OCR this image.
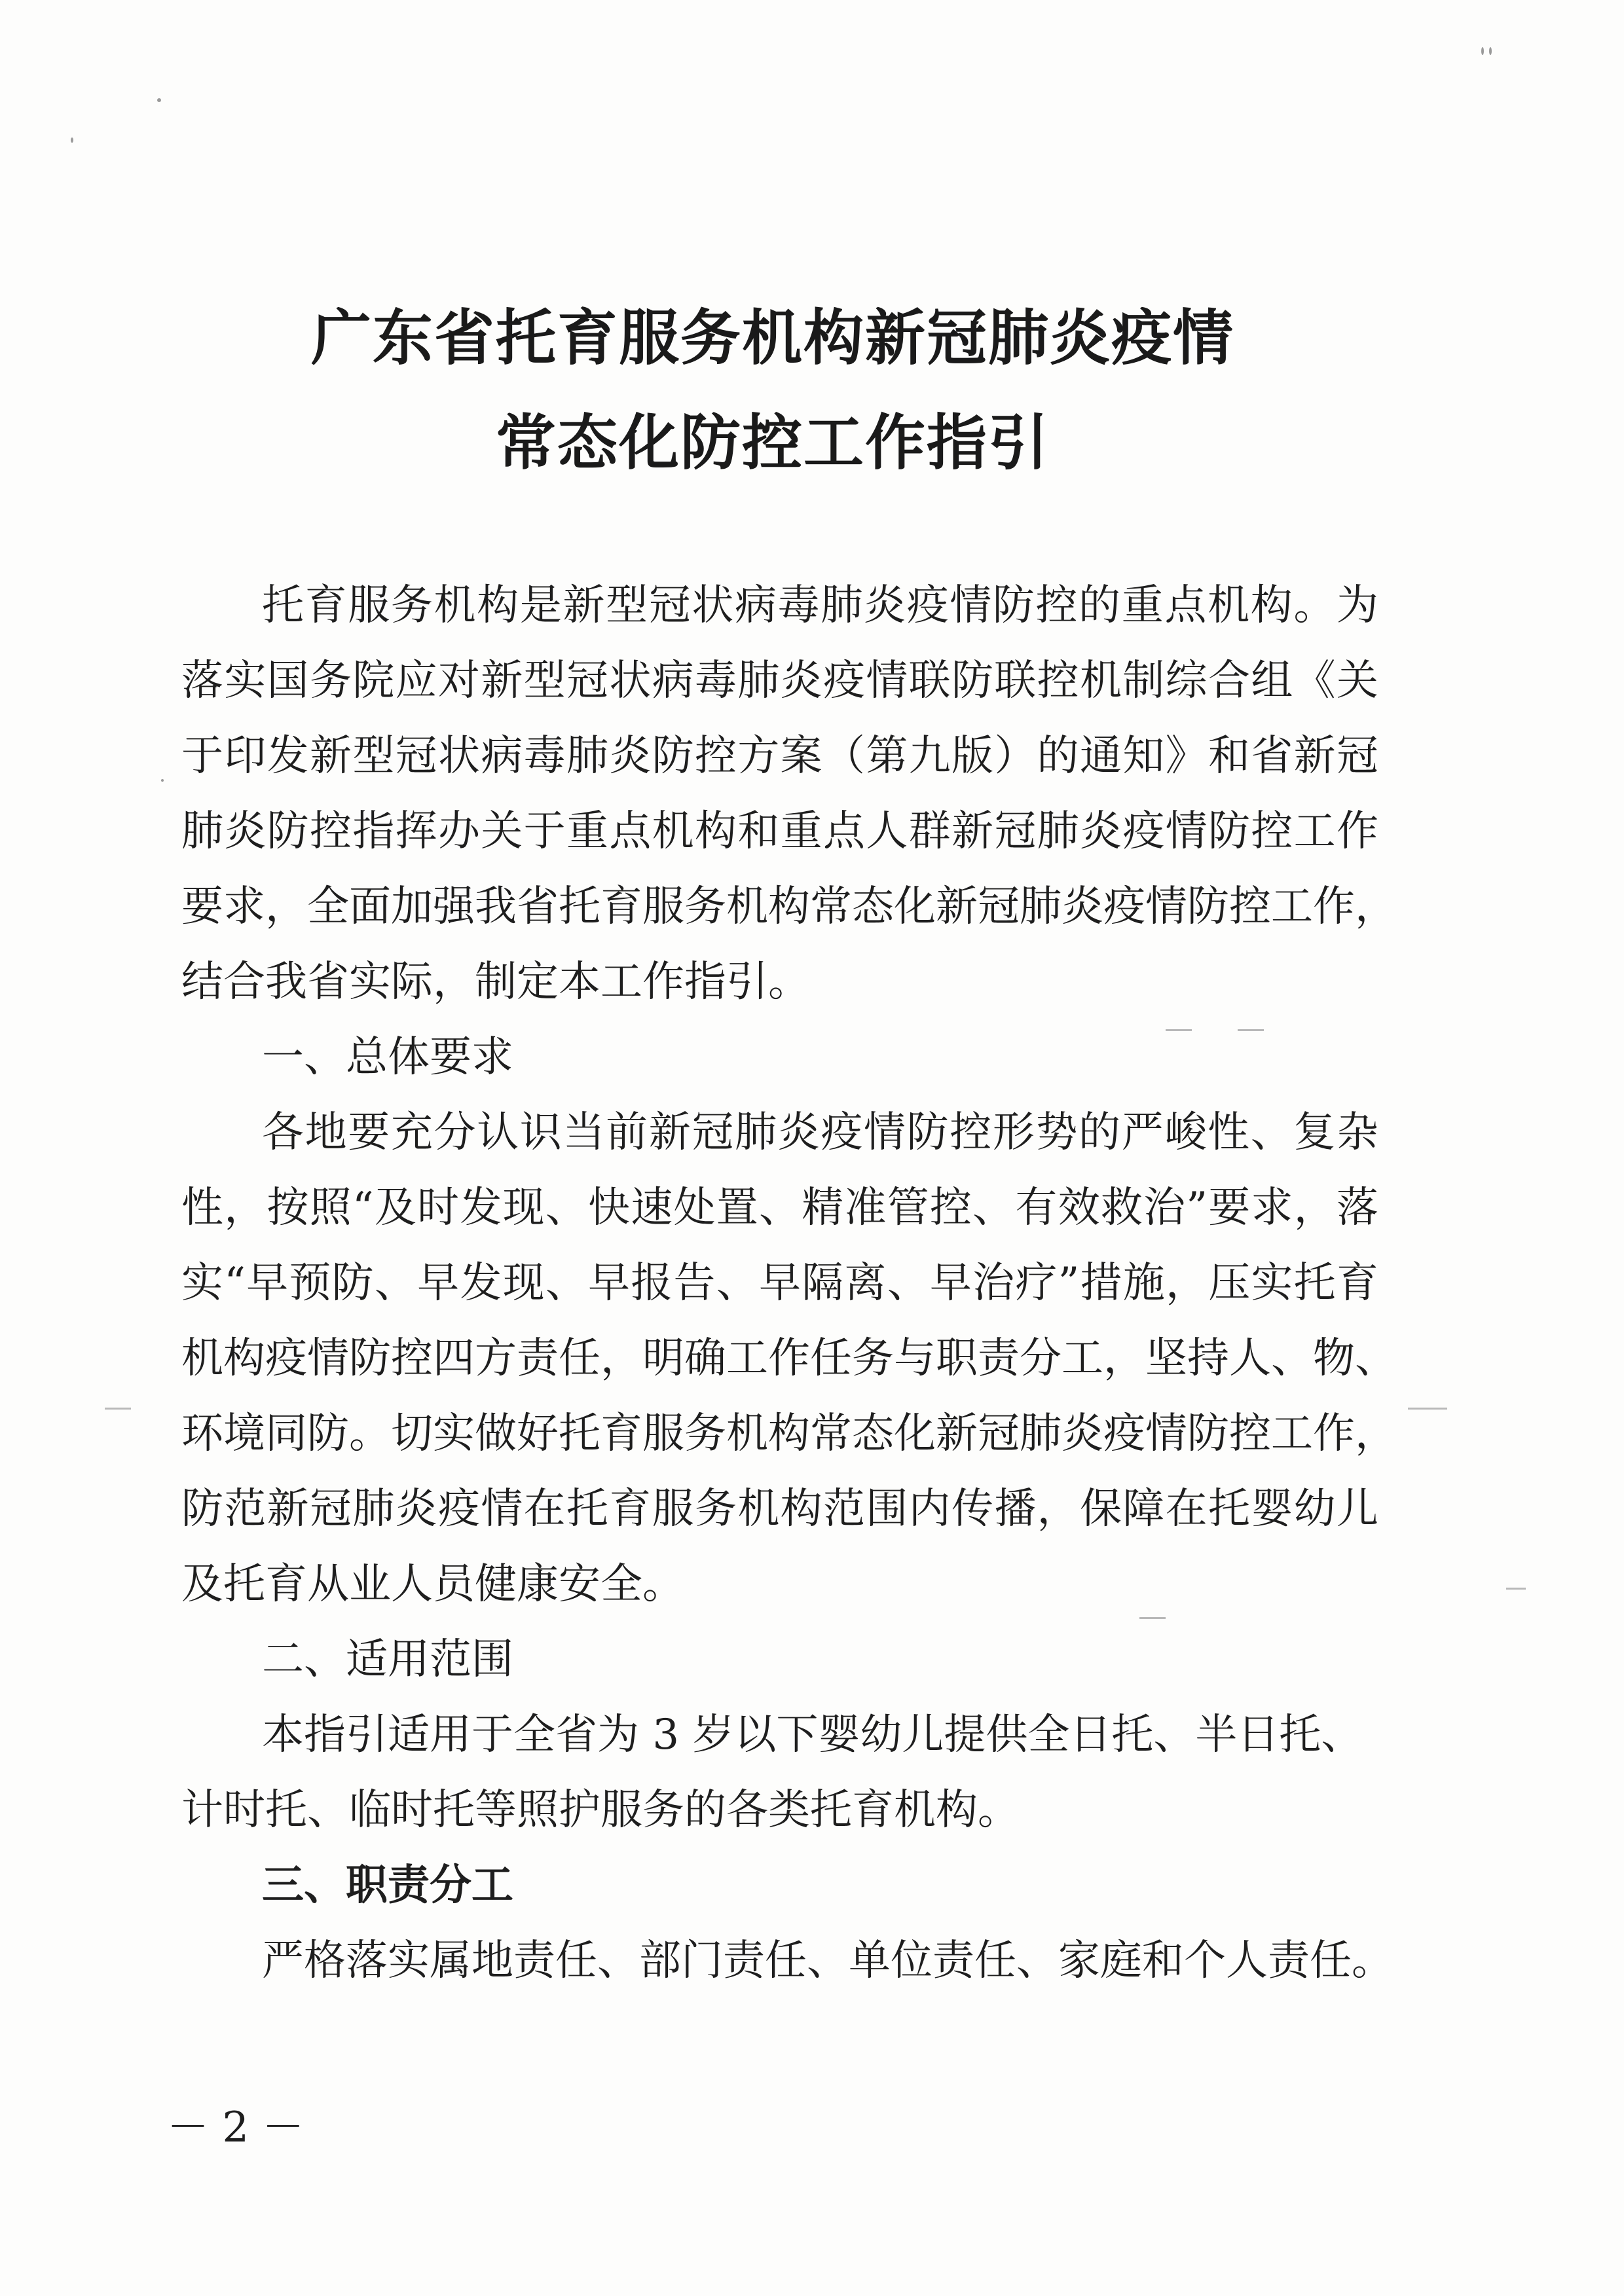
广东省托育服务机构新冠肺炎疫情
常态化防控工作指引
托育服务机构是新型冠状病毒肺炎疫情防控的重点机构。为
落实国务院应对新型冠状病毒肺炎疫情联防联控机制综合组《关
于印发新型冠状病毒肺炎防控方案（第九版）的通知》和省新冠
肺炎防控指挥办关于重点机构和重点人群新冠肺炎疫情防控工作
要求，全面加强我省托育服务机构常态化新冠肺炎疫情防控工作，
结合我省实际，制定本工作指引。
一、总体要求
各地要充分认识当前新冠肺炎疫情防控形势的严峻性、复杂
性，按照“及时发现、快速处置、精准管控、有效救治”要求，落
实“早预防、早发现、早报告、早隔离、早治疗”措施，压实托育
机构疫情防控四方责任，明确工作任务与职责分工，坚持人、物、
环境同防。切实做好托育服务机构常态化新冠肺炎疫情防控工作，
防范新冠肺炎疫情在托育服务机构范围内传播，保障在托婴幼儿
及托育从业人员健康安全。
二、适用范围
本指引适用于全省为 3 岁以下婴幼儿提供全日托、半日托、
计时托、临时托等照护服务的各类托育机构。
三、职责分工
严格落实属地责任、部门责任、单位责任、家庭和个人责任。
－ 2 －
